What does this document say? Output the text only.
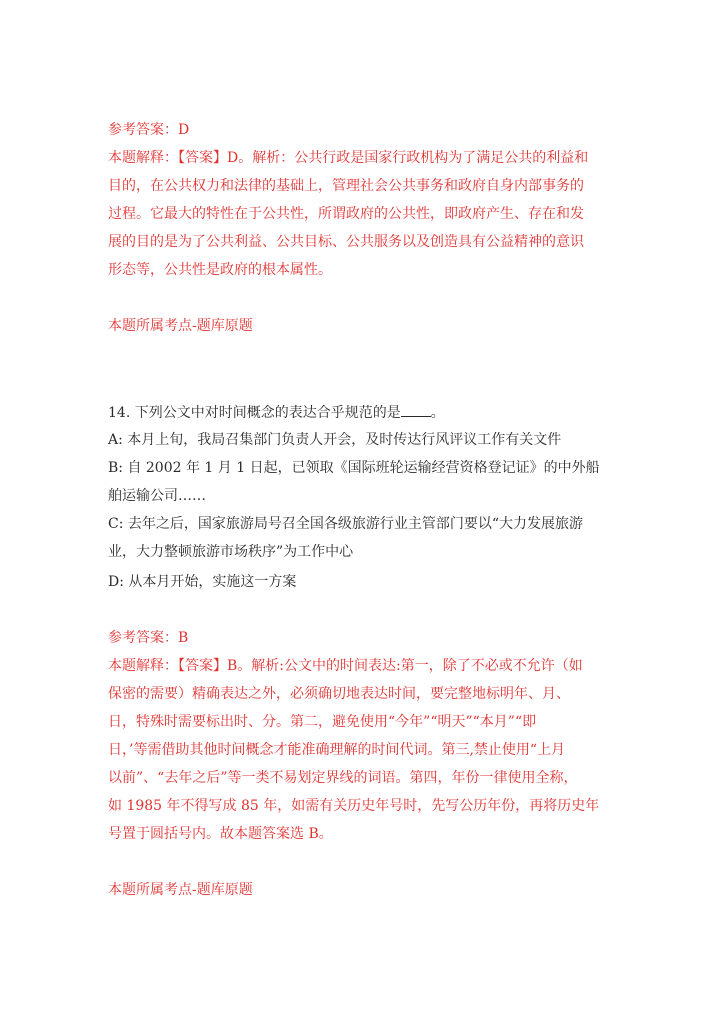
参考答案：D
本题解释：【答案】D。解析：公共行政是国家行政机构为了满足公共的利益和
目的，在公共权力和法律的基础上，管理社会公共事务和政府自身内部事务的
过程。它最大的特性在于公共性，所谓政府的公共性，即政府产生、存在和发
展的目的是为了公共利益、公共目标、公共服务以及创造具有公益精神的意识
形态等，公共性是政府的根本属性。
本题所属考点-题库原题
14. 下列公文中对时间概念的表达合乎规范的是 。
A: 本月上旬，我局召集部门负责人开会，及时传达行风评议工作有关文件
B: 自 2002 年 1 月 1 日起，已领取《国际班轮运输经营资格登记证》的中外船
舶运输公司……
C: 去年之后，国家旅游局号召全国各级旅游行业主管部门要以“大力发展旅游
业，大力整顿旅游市场秩序”为工作中心
D: 从本月开始，实施这一方案
参考答案：B
本题解释：【答案】B。解析:公文中的时间表达:第一，除了不必或不允许（如
保密的需要）精确表达之外，必须确切地表达时间，要完整地标明年、月、
日，特殊时需要标出时、分。第二，避免使用“今年”“明天”“本月”“即
日，’等需借助其他时间概念才能准确理解的时间代词。第三,禁止使用“上月
以前”、“去年之后”等一类不易划定界线的词语。第四，年份一律使用全称，
如 1985 年不得写成 85 年，如需有关历史年号时，先写公历年份，再将历史年
号置于圆括号内。故本题答案选 B。
本题所属考点-题库原题
